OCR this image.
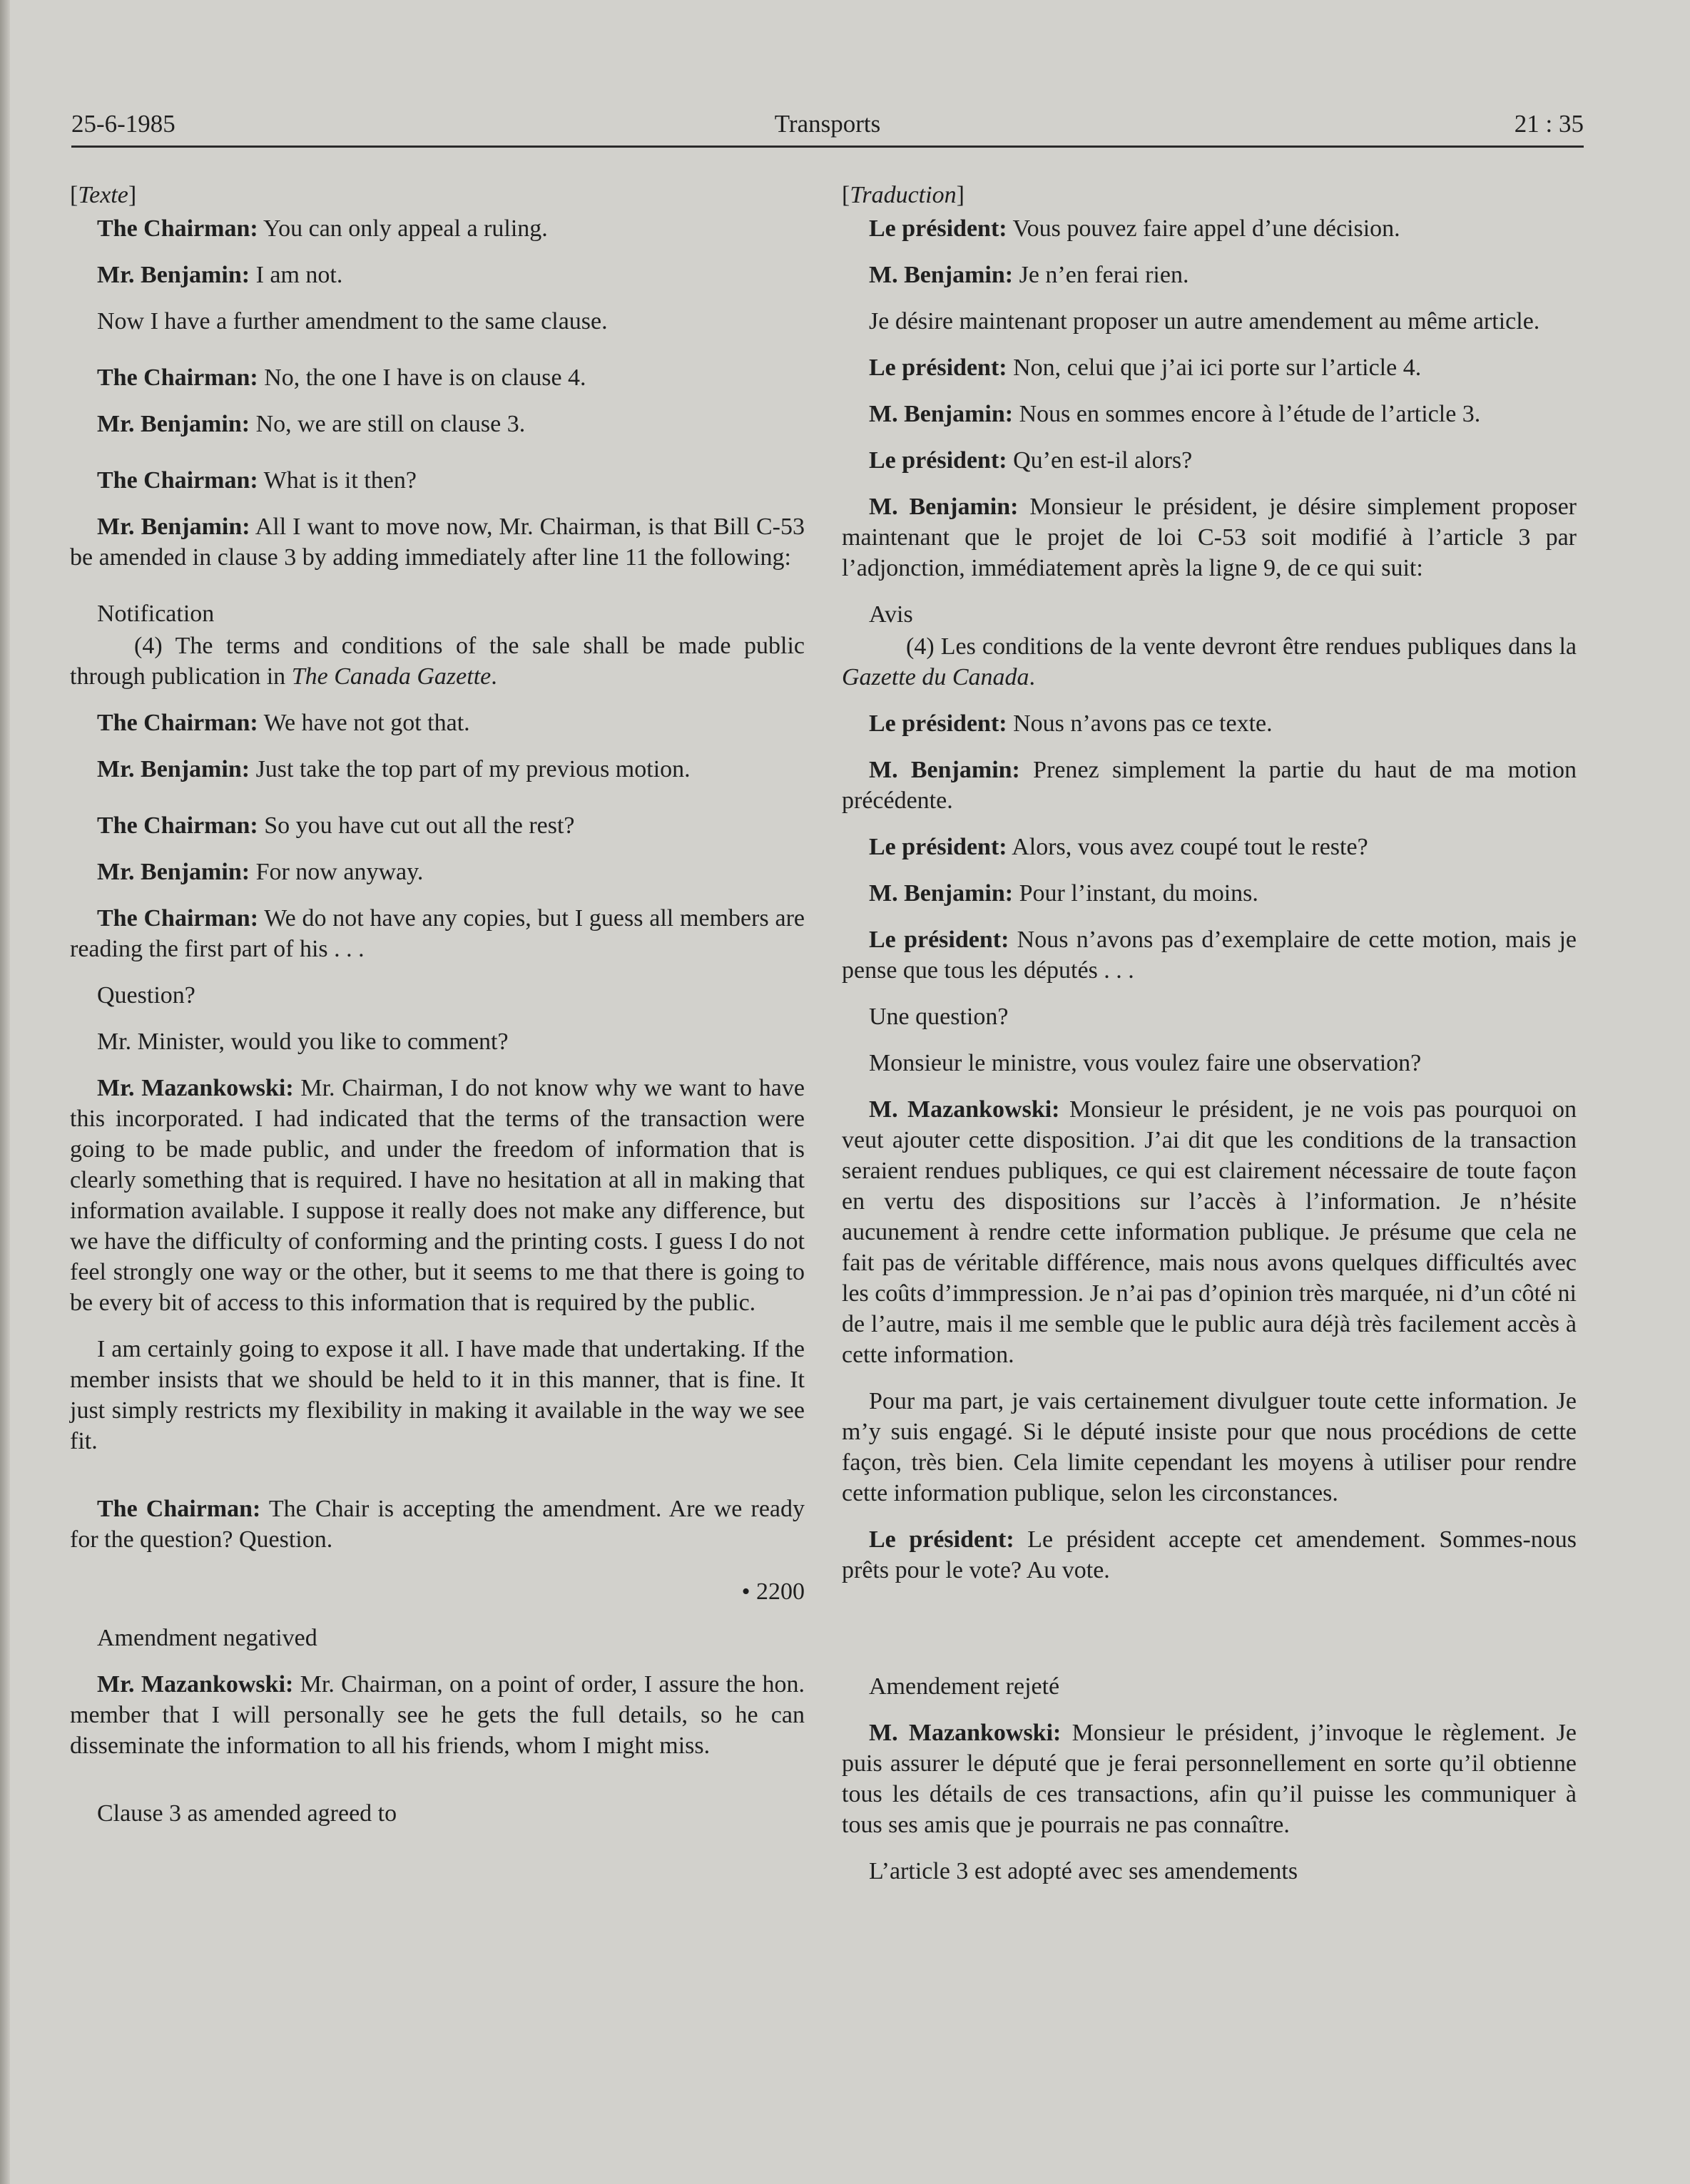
25-6-1985	Transports	21 : 35

[Texte]

The Chairman: You can only appeal a ruling.

Mr. Benjamin: I am not.

Now I have a further amendment to the same clause.

The Chairman: No, the one I have is on clause 4.

Mr. Benjamin: No, we are still on clause 3.

The Chairman: What is it then?

Mr. Benjamin: All I want to move now, Mr. Chairman, is that Bill C-53 be amended in clause 3 by adding immediately after line 11 the following:

Notification

(4) The terms and conditions of the sale shall be made public through publication in The Canada Gazette.

The Chairman: We have not got that.

Mr. Benjamin: Just take the top part of my previous motion.

The Chairman: So you have cut out all the rest?

Mr. Benjamin: For now anyway.

The Chairman: We do not have any copies, but I guess all members are reading the first part of his . . .

Question?

Mr. Minister, would you like to comment?

Mr. Mazankowski: Mr. Chairman, I do not know why we want to have this incorporated. I had indicated that the terms of the transaction were going to be made public, and under the freedom of information that is clearly something that is required. I have no hesitation at all in making that information available. I suppose it really does not make any difference, but we have the difficulty of conforming and the printing costs. I guess I do not feel strongly one way or the other, but it seems to me that there is going to be every bit of access to this information that is required by the public.

I am certainly going to expose it all. I have made that undertaking. If the member insists that we should be held to it in this manner, that is fine. It just simply restricts my flexibility in making it available in the way we see fit.

The Chairman: The Chair is accepting the amendment. Are we ready for the question? Question.

• 2200

Amendment negatived

Mr. Mazankowski: Mr. Chairman, on a point of order, I assure the hon. member that I will personally see he gets the full details, so he can disseminate the information to all his friends, whom I might miss.

Clause 3 as amended agreed to

[Traduction]

Le président: Vous pouvez faire appel d’une décision.

M. Benjamin: Je n’en ferai rien.

Je désire maintenant proposer un autre amendement au même article.

Le président: Non, celui que j’ai ici porte sur l’article 4.

M. Benjamin: Nous en sommes encore à l’étude de l’article 3.

Le président: Qu’en est-il alors?

M. Benjamin: Monsieur le président, je désire simplement proposer maintenant que le projet de loi C-53 soit modifié à l’article 3 par l’adjonction, immédiatement après la ligne 9, de ce qui suit:

Avis

(4) Les conditions de la vente devront être rendues publiques dans la Gazette du Canada.

Le président: Nous n’avons pas ce texte.

M. Benjamin: Prenez simplement la partie du haut de ma motion précédente.

Le président: Alors, vous avez coupé tout le reste?

M. Benjamin: Pour l’instant, du moins.

Le président: Nous n’avons pas d’exemplaire de cette motion, mais je pense que tous les députés . . .

Une question?

Monsieur le ministre, vous voulez faire une observation?

M. Mazankowski: Monsieur le président, je ne vois pas pourquoi on veut ajouter cette disposition. J’ai dit que les conditions de la transaction seraient rendues publiques, ce qui est clairement nécessaire de toute façon en vertu des dispositions sur l’accès à l’information. Je n’hésite aucunement à rendre cette information publique. Je présume que cela ne fait pas de véritable différence, mais nous avons quelques difficultés avec les coûts d’immpression. Je n’ai pas d’opinion très marquée, ni d’un côté ni de l’autre, mais il me semble que le public aura déjà très facilement accès à cette information.

Pour ma part, je vais certainement divulguer toute cette information. Je m’y suis engagé. Si le député insiste pour que nous procédions de cette façon, très bien. Cela limite cependant les moyens à utiliser pour rendre cette information publique, selon les circonstances.

Le président: Le président accepte cet amendement. Sommes-nous prêts pour le vote? Au vote.

Amendement rejeté

M. Mazankowski: Monsieur le président, j’invoque le règlement. Je puis assurer le député que je ferai personnellement en sorte qu’il obtienne tous les détails de ces transactions, afin qu’il puisse les communiquer à tous ses amis que je pourrais ne pas connaître.

L’article 3 est adopté avec ses amendements
